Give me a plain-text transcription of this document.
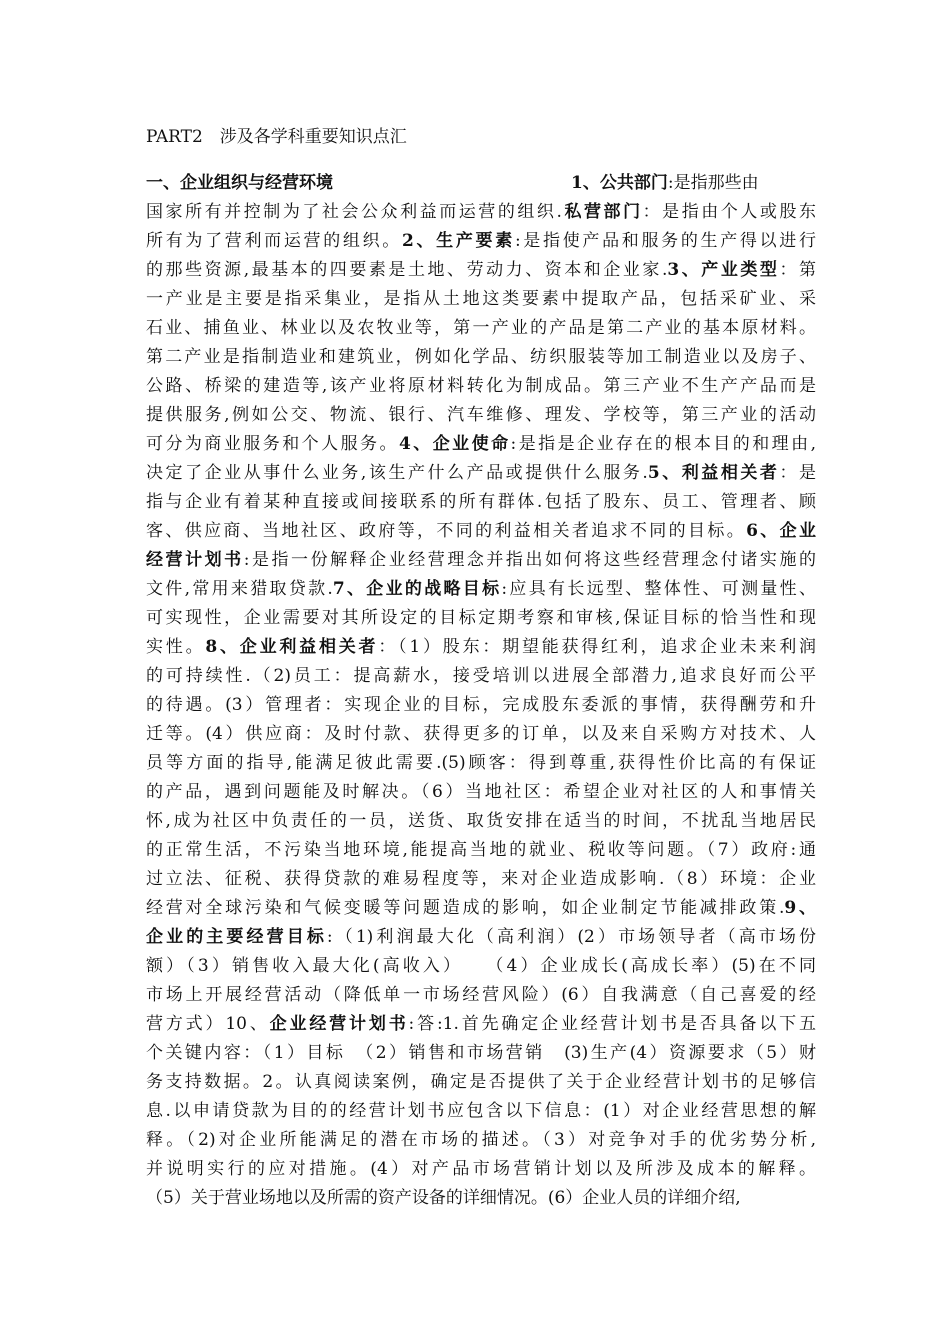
PART2　涉及各学科重要知识点汇
一、企业组织与经营环境	1、公共部门:是指那些由
国家所有并控制为了社会公众利益而运营的组织.私营部门：是指由个人或股东
所有为了营利而运营的组织。2、生产要素:是指使产品和服务的生产得以进行
的那些资源,最基本的四要素是土地、劳动力、资本和企业家.3、产业类型：第
一产业是主要是指采集业，是指从土地这类要素中提取产品，包括采矿业、采
石业、捕鱼业、林业以及农牧业等，第一产业的产品是第二产业的基本原材料。
第二产业是指制造业和建筑业，例如化学品、纺织服装等加工制造业以及房子、
公路、桥梁的建造等,该产业将原材料转化为制成品。第三产业不生产产品而是
提供服务,例如公交、物流、银行、汽车维修、理发、学校等，第三产业的活动
可分为商业服务和个人服务。4、企业使命:是指是企业存在的根本目的和理由,
决定了企业从事什么业务,该生产什么产品或提供什么服务.5、利益相关者：是
指与企业有着某种直接或间接联系的所有群体.包括了股东、员工、管理者、顾
客、供应商、当地社区、政府等，不同的利益相关者追求不同的目标。6、企业
经营计划书:是指一份解释企业经营理念并指出如何将这些经营理念付诸实施的
文件,常用来猎取贷款.7、企业的战略目标:应具有长远型、整体性、可测量性、
可实现性，企业需要对其所设定的目标定期考察和审核,保证目标的恰当性和现
实性。8、企业利益相关者：（1）股东：期望能获得红利，追求企业未来利润
的可持续性.（2)员工：提高薪水，接受培训以进展全部潜力,追求良好而公平
的待遇。(3）管理者：实现企业的目标，完成股东委派的事情，获得酬劳和升
迁等。(4）供应商：及时付款、获得更多的订单，以及来自采购方对技术、人
员等方面的指导,能满足彼此需要.(5)顾客：得到尊重,获得性价比高的有保证
的产品，遇到问题能及时解决。（6）当地社区：希望企业对社区的人和事情关
怀,成为社区中负责任的一员，送货、取货安排在适当的时间，不扰乱当地居民
的正常生活，不污染当地环境,能提高当地的就业、税收等问题。（7）政府:通
过立法、征税、获得贷款的难易程度等，来对企业造成影响.（8）环境：企业
经营对全球污染和气候变暖等问题造成的影响，如企业制定节能减排政策.9、
企业的主要经营目标:（1)利润最大化（高利润）(2）市场领导者（高市场份
额）（3）销售收入最大化(高收入）　　（4）企业成长(高成长率）(5)在不同
市场上开展经营活动（降低单一市场经营风险）(6）自我满意（自己喜爱的经
营方式）10、企业经营计划书:答:1.首先确定企业经营计划书是否具备以下五
个关键内容：（1）目标　（2）销售和市场营销　(3)生产(4）资源要求（5）财
务支持数据。2。认真阅读案例，确定是否提供了关于企业经营计划书的足够信
息.以申请贷款为目的的经营计划书应包含以下信息：(1）对企业经营思想的解
释。（2)对企业所能满足的潜在市场的描述。（3）对竞争对手的优劣势分析,
并说明实行的应对措施。(4）对产品市场营销计划以及所涉及成本的解释。
（5）关于营业场地以及所需的资产设备的详细情况。(6）企业人员的详细介绍,
